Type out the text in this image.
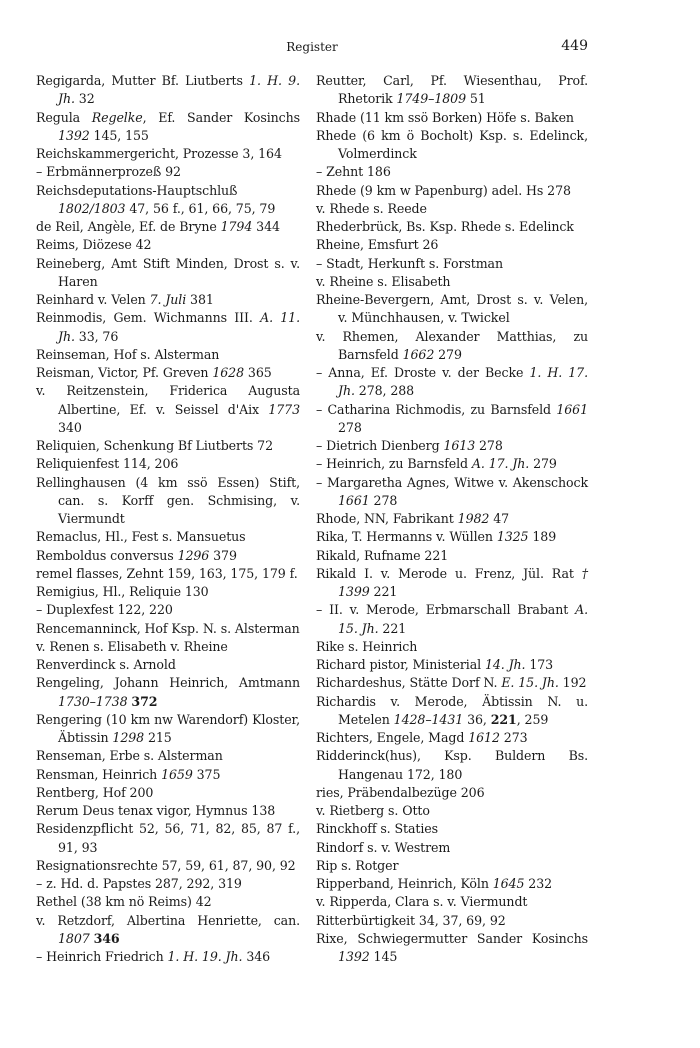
Register	449
Regigarda, Mutter Bf. Liutberts 1. H. 9. Jh. 32
Regula Regelke, Ef. Sander Kosinchs 1392 145, 155
Reichskammergericht, Prozesse 3, 164
– Erbmännerprozeß 92
Reichsdeputations-Hauptschluß 1802/1803 47, 56 f., 61, 66, 75, 79
de Reil, Angèle, Ef. de Bryne 1794 344
Reims, Diözese 42
Reineberg, Amt Stift Minden, Drost s. v. Haren
Reinhard v. Velen 7. Juli 381
Reinmodis, Gem. Wichmanns III. A. 11. Jh. 33, 76
Reinseman, Hof s. Alsterman
Reisman, Victor, Pf. Greven 1628 365
v. Reitzenstein, Friderica Augusta Albertine, Ef. v. Seissel d'Aix 1773 340
Reliquien, Schenkung Bf Liutberts 72
Reliquienfest 114, 206
Rellinghausen (4 km ssö Essen) Stift, can. s. Korff gen. Schmising, v. Viermundt
Remaclus, Hl., Fest s. Mansuetus
Remboldus conversus 1296 379
remel flasses, Zehnt 159, 163, 175, 179 f.
Remigius, Hl., Reliquie 130
– Duplexfest 122, 220
Rencemanninck, Hof Ksp. N. s. Alsterman
v. Renen s. Elisabeth v. Rheine
Renverdinck s. Arnold
Rengeling, Johann Heinrich, Amtmann 1730–1738 372
Rengering (10 km nw Warendorf) Kloster, Äbtissin 1298 215
Renseman, Erbe s. Alsterman
Rensman, Heinrich 1659 375
Rentberg, Hof 200
Rerum Deus tenax vigor, Hymnus 138
Residenzpflicht 52, 56, 71, 82, 85, 87 f., 91, 93
Resignationsrechte 57, 59, 61, 87, 90, 92
– z. Hd. d. Papstes 287, 292, 319
Rethel (38 km nö Reims) 42
v. Retzdorf, Albertina Henriette, can. 1807 346
– Heinrich Friedrich 1. H. 19. Jh. 346
Reutter, Carl, Pf. Wiesenthau, Prof. Rhetorik 1749–1809 51
Rhade (11 km ssö Borken) Höfe s. Baken
Rhede (6 km ö Bocholt) Ksp. s. Edelinck, Volmerdinck
– Zehnt 186
Rhede (9 km w Papenburg) adel. Hs 278
v. Rhede s. Reede
Rhederbrück, Bs. Ksp. Rhede s. Edelinck
Rheine, Emsfurt 26
– Stadt, Herkunft s. Forstman
v. Rheine s. Elisabeth
Rheine-Bevergern, Amt, Drost s. v. Velen, v. Münchhausen, v. Twickel
v. Rhemen, Alexander Matthias, zu Barnsfeld 1662 279
– Anna, Ef. Droste v. der Becke 1. H. 17. Jh. 278, 288
– Catharina Richmodis, zu Barnsfeld 1661 278
– Dietrich Dienberg 1613 278
– Heinrich, zu Barnsfeld A. 17. Jh. 279
– Margaretha Agnes, Witwe v. Akenschock 1661 278
Rhode, NN, Fabrikant 1982 47
Rika, T. Hermanns v. Wüllen 1325 189
Rikald, Rufname 221
Rikald I. v. Merode u. Frenz, Jül. Rat † 1399 221
– II. v. Merode, Erbmarschall Brabant A. 15. Jh. 221
Rike s. Heinrich
Richard pistor, Ministerial 14. Jh. 173
Richardeshus, Stätte Dorf N. E. 15. Jh. 192
Richardis v. Merode, Äbtissin N. u. Metelen 1428–1431 36, 221, 259
Richters, Engele, Magd 1612 273
Ridderinck(hus), Ksp. Buldern Bs. Hangenau 172, 180
ries, Präbendalbezüge 206
v. Rietberg s. Otto
Rinckhoff s. Staties
Rindorf s. v. Westrem
Rip s. Rotger
Ripperband, Heinrich, Köln 1645 232
v. Ripperda, Clara s. v. Viermundt
Ritterbürtigkeit 34, 37, 69, 92
Rixe, Schwiegermutter Sander Kosinchs 1392 145
